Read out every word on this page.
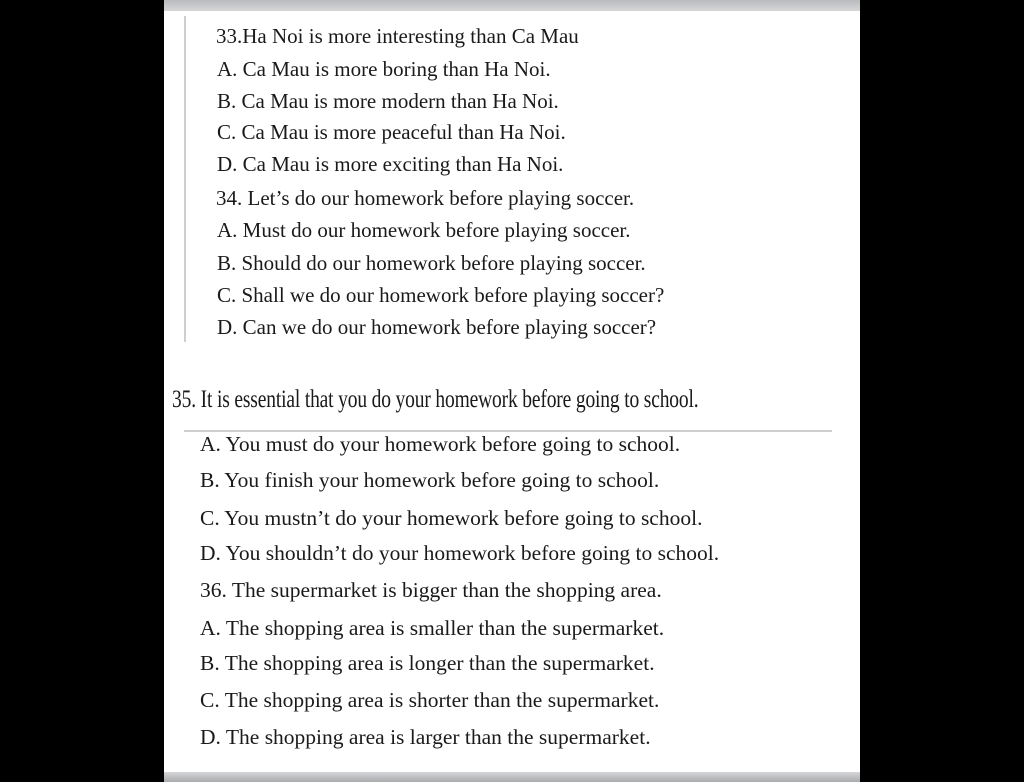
33.Ha Noi is more interesting than Ca Mau
A. Ca Mau is more boring than Ha Noi.
B. Ca Mau is more modern than Ha Noi.
C. Ca Mau is more peaceful than Ha Noi.
D. Ca Mau is more exciting than Ha Noi.
34. Let’s do our homework before playing soccer.
A. Must do our homework before playing soccer.
B. Should do our homework before playing soccer.
C. Shall we do our homework before playing soccer?
D. Can we do our homework before playing soccer?
35. It is essential that you do your homework before going to school.
A. You must do your homework before going to school.
B. You finish your homework before going to school.
C. You mustn’t do your homework before going to school.
D. You shouldn’t do your homework before going to school.
36. The supermarket is bigger than the shopping area.
A. The shopping area is smaller than the supermarket.
B. The shopping area is longer than the supermarket.
C. The shopping area is shorter than the supermarket.
D. The shopping area is larger than the supermarket.
